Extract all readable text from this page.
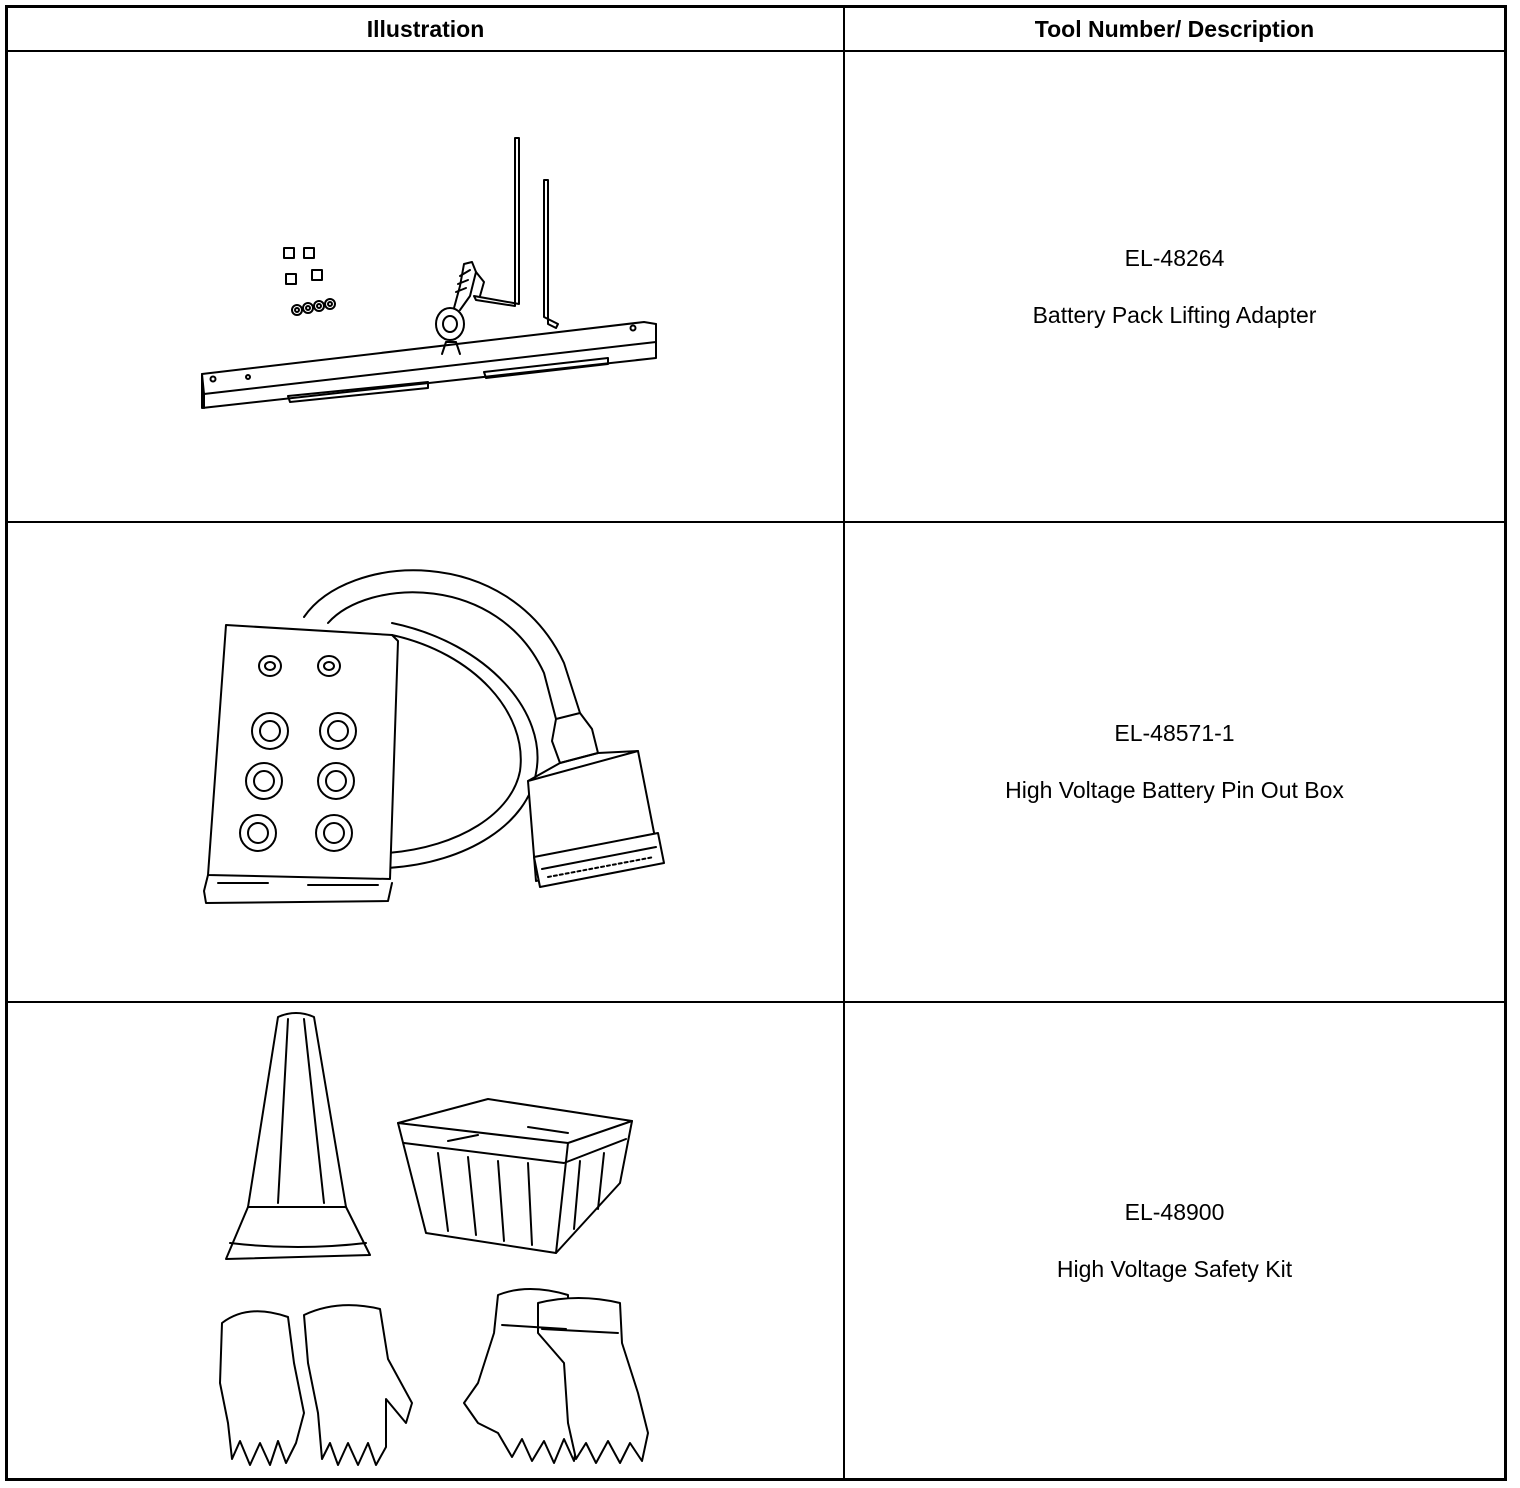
Illustration	Tool Number/ Description
EL-48264
Battery Pack Lifting Adapter
EL-48571-1
High Voltage Battery Pin Out Box
EL-48900
High Voltage Safety Kit
